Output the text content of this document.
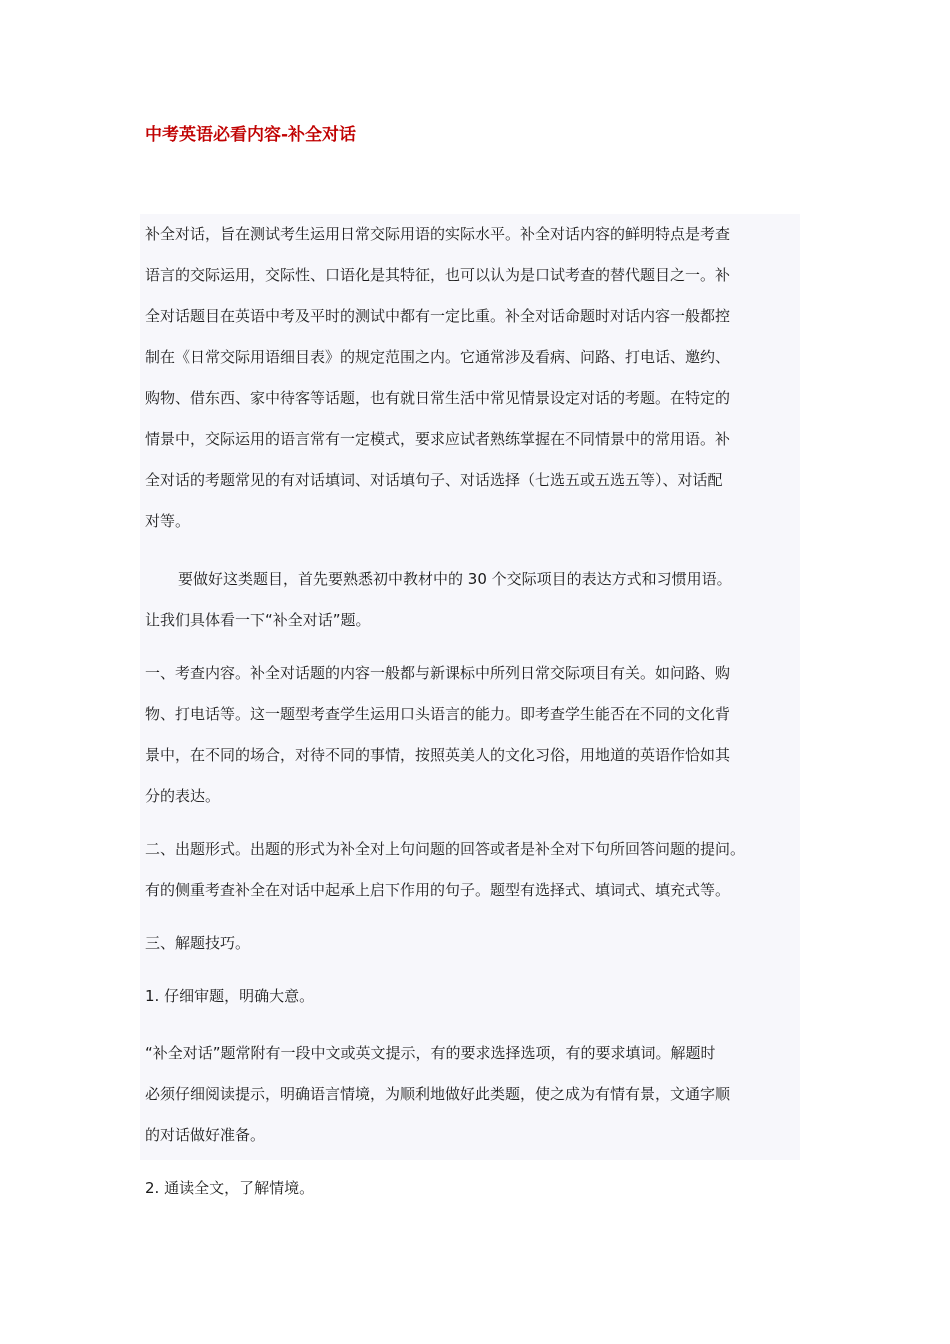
中考英语必看内容-补全对话

补全对话，旨在测试考生运用日常交际用语的实际水平。补全对话内容的鲜明特点是考查
语言的交际运用，交际性、口语化是其特征，也可以认为是口试考查的替代题目之一。补
全对话题目在英语中考及平时的测试中都有一定比重。补全对话命题时对话内容一般都控
制在《日常交际用语细目表》的规定范围之内。它通常涉及看病、问路、打电话、邀约、
购物、借东西、家中待客等话题，也有就日常生活中常见情景设定对话的考题。在特定的
情景中，交际运用的语言常有一定模式，要求应试者熟练掌握在不同情景中的常用语。补
全对话的考题常见的有对话填词、对话填句子、对话选择（七选五或五选五等）、对话配
对等。

要做好这类题目，首先要熟悉初中教材中的 30 个交际项目的表达方式和习惯用语。
让我们具体看一下“补全对话”题。

一、考查内容。补全对话题的内容一般都与新课标中所列日常交际项目有关。如问路、购
物、打电话等。这一题型考查学生运用口头语言的能力。即考查学生能否在不同的文化背
景中，在不同的场合，对待不同的事情，按照英美人的文化习俗，用地道的英语作恰如其
分的表达。

二、出题形式。出题的形式为补全对上句问题的回答或者是补全对下句所回答问题的提问。
有的侧重考查补全在对话中起承上启下作用的句子。题型有选择式、填词式、填充式等。

三、解题技巧。

1. 仔细审题，明确大意。

“补全对话”题常附有一段中文或英文提示，有的要求选择选项，有的要求填词。解题时
必须仔细阅读提示，明确语言情境，为顺利地做好此类题，使之成为有情有景，文通字顺
的对话做好准备。

2. 通读全文，了解情境。
